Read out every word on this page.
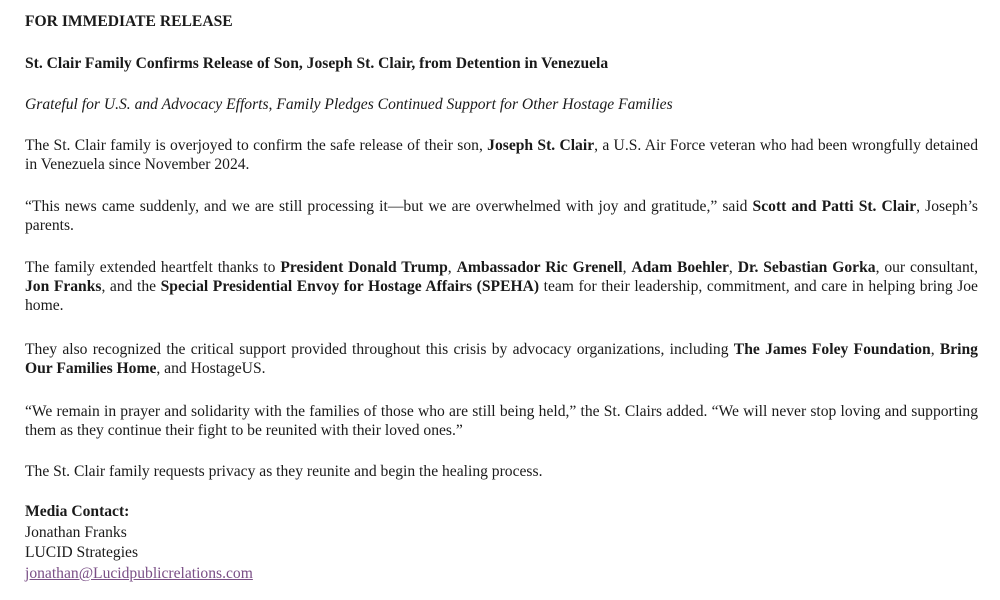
FOR IMMEDIATE RELEASE
St. Clair Family Confirms Release of Son, Joseph St. Clair, from Detention in Venezuela
Grateful for U.S. and Advocacy Efforts, Family Pledges Continued Support for Other Hostage Families
The St. Clair family is overjoyed to confirm the safe release of their son, Joseph St. Clair, a U.S. Air Force veteran who had been wrongfully detained in Venezuela since November 2024.
“This news came suddenly, and we are still processing it—but we are overwhelmed with joy and gratitude,” said Scott and Patti St. Clair, Joseph’s parents.
The family extended heartfelt thanks to President Donald Trump, Ambassador Ric Grenell, Adam Boehler, Dr. Sebastian Gorka, our consultant, Jon Franks, and the Special Presidential Envoy for Hostage Affairs (SPEHA) team for their leadership, commitment, and care in helping bring Joe home.
They also recognized the critical support provided throughout this crisis by advocacy organizations, including The James Foley Foundation, Bring Our Families Home, and HostageUS.
“We remain in prayer and solidarity with the families of those who are still being held,” the St. Clairs added. “We will never stop loving and supporting them as they continue their fight to be reunited with their loved ones.”
The St. Clair family requests privacy as they reunite and begin the healing process.
Media Contact:
Jonathan Franks
LUCID Strategies
jonathan@Lucidpublicrelations.com
